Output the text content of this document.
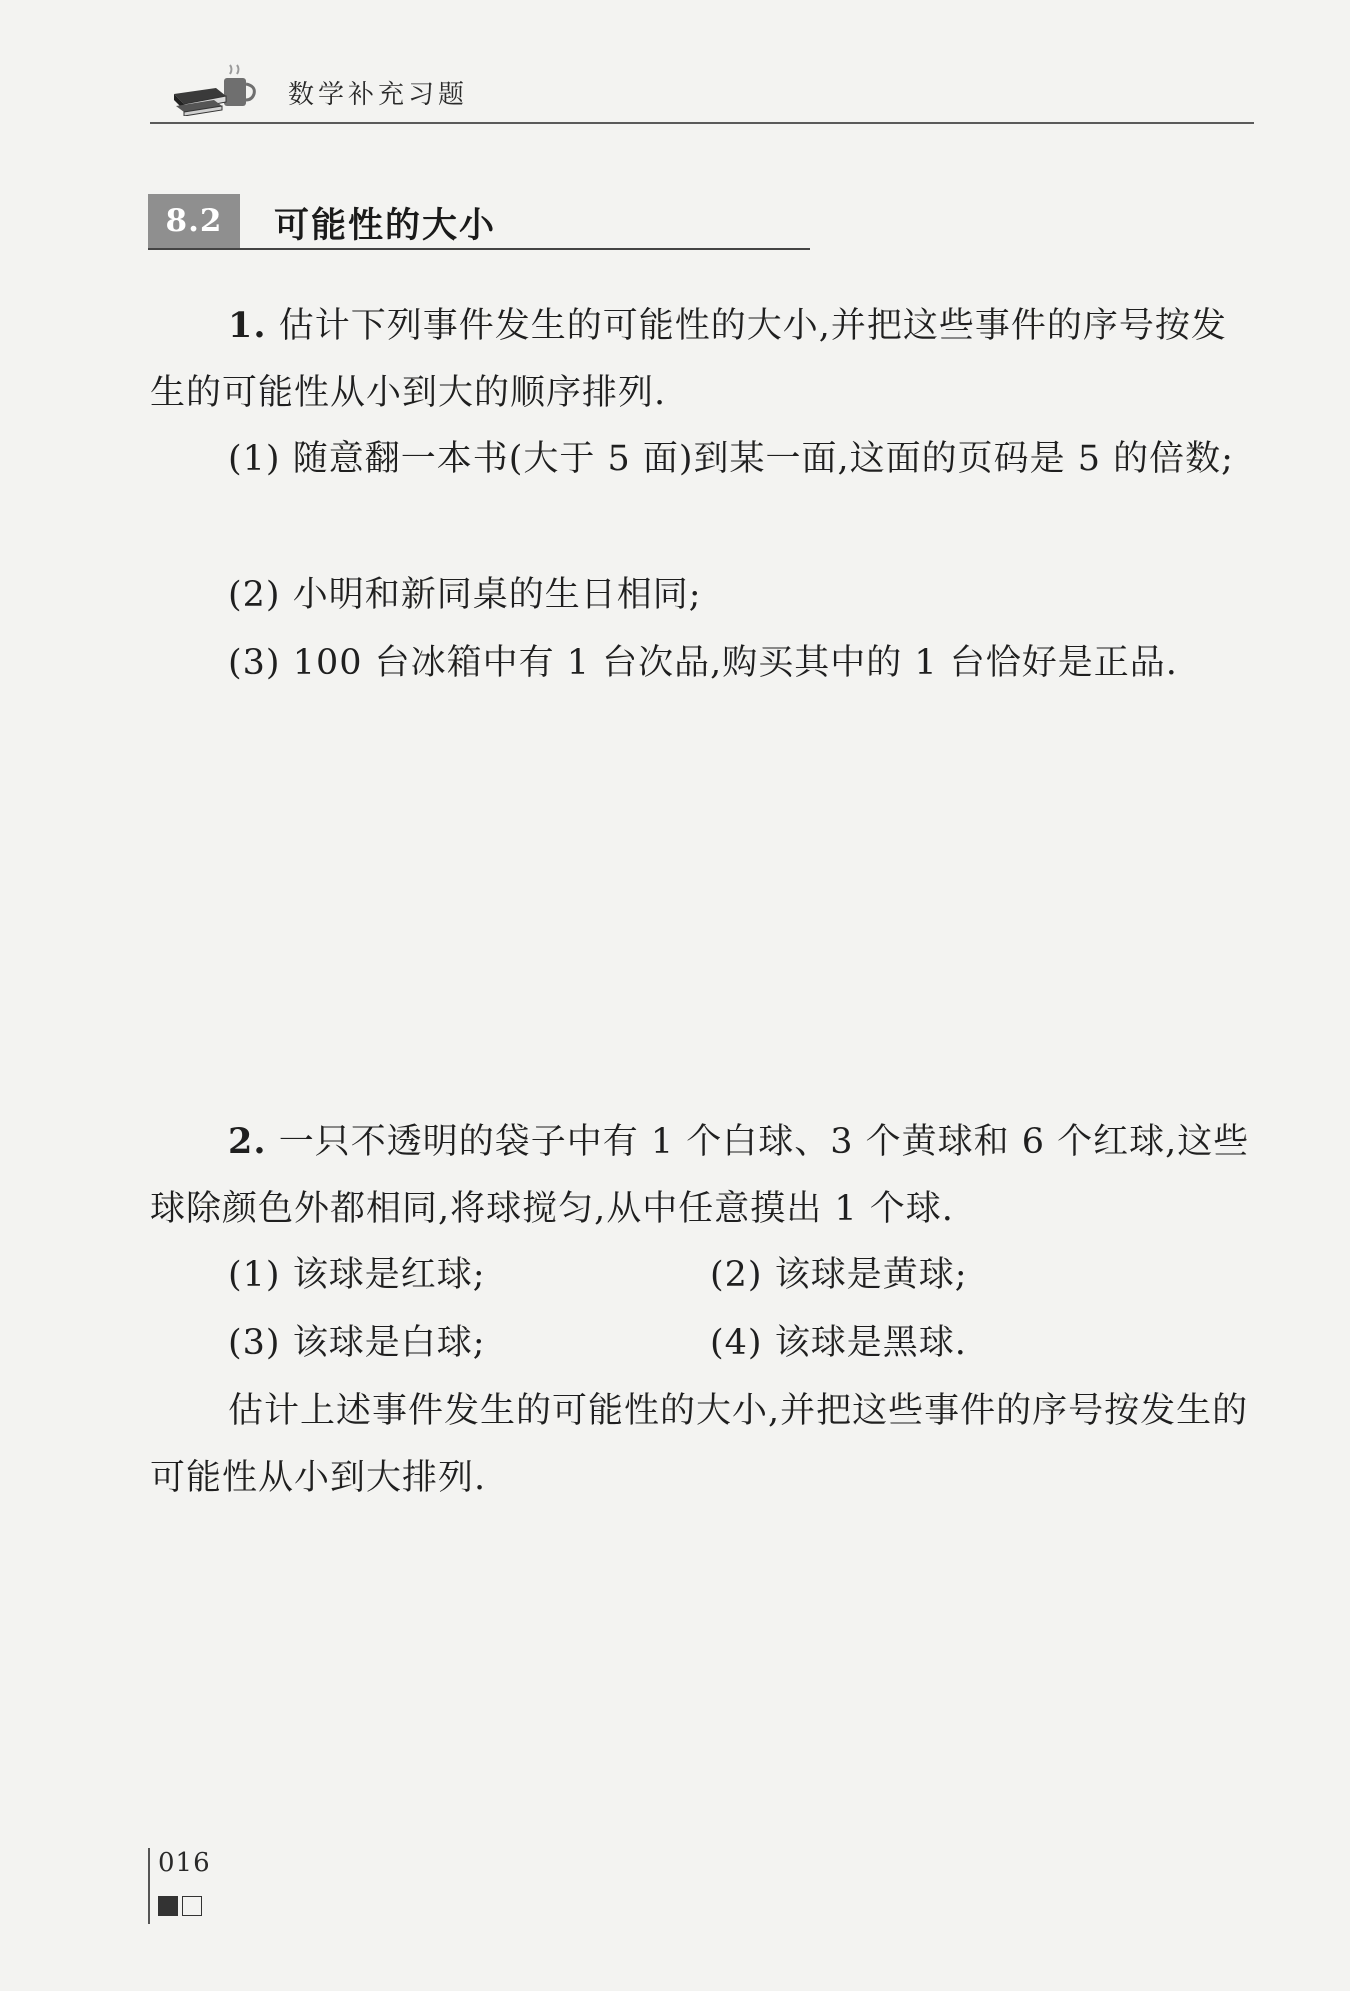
数学补充习题
8.2	可能性的大小

1. 估计下列事件发生的可能性的大小,并把这些事件的序号按发生的可能性从小到大的顺序排列.

(1) 随意翻一本书(大于 5 面)到某一面,这面的页码是 5 的倍数;

(2) 小明和新同桌的生日相同;

(3) 100 台冰箱中有 1 台次品,购买其中的 1 台恰好是正品.

2. 一只不透明的袋子中有 1 个白球、3 个黄球和 6 个红球,这些球除颜色外都相同,将球搅匀,从中任意摸出 1 个球.

(1) 该球是红球;	(2) 该球是黄球;
(3) 该球是白球;	(4) 该球是黑球.

估计上述事件发生的可能性的大小,并把这些事件的序号按发生的可能性从小到大排列.

016
